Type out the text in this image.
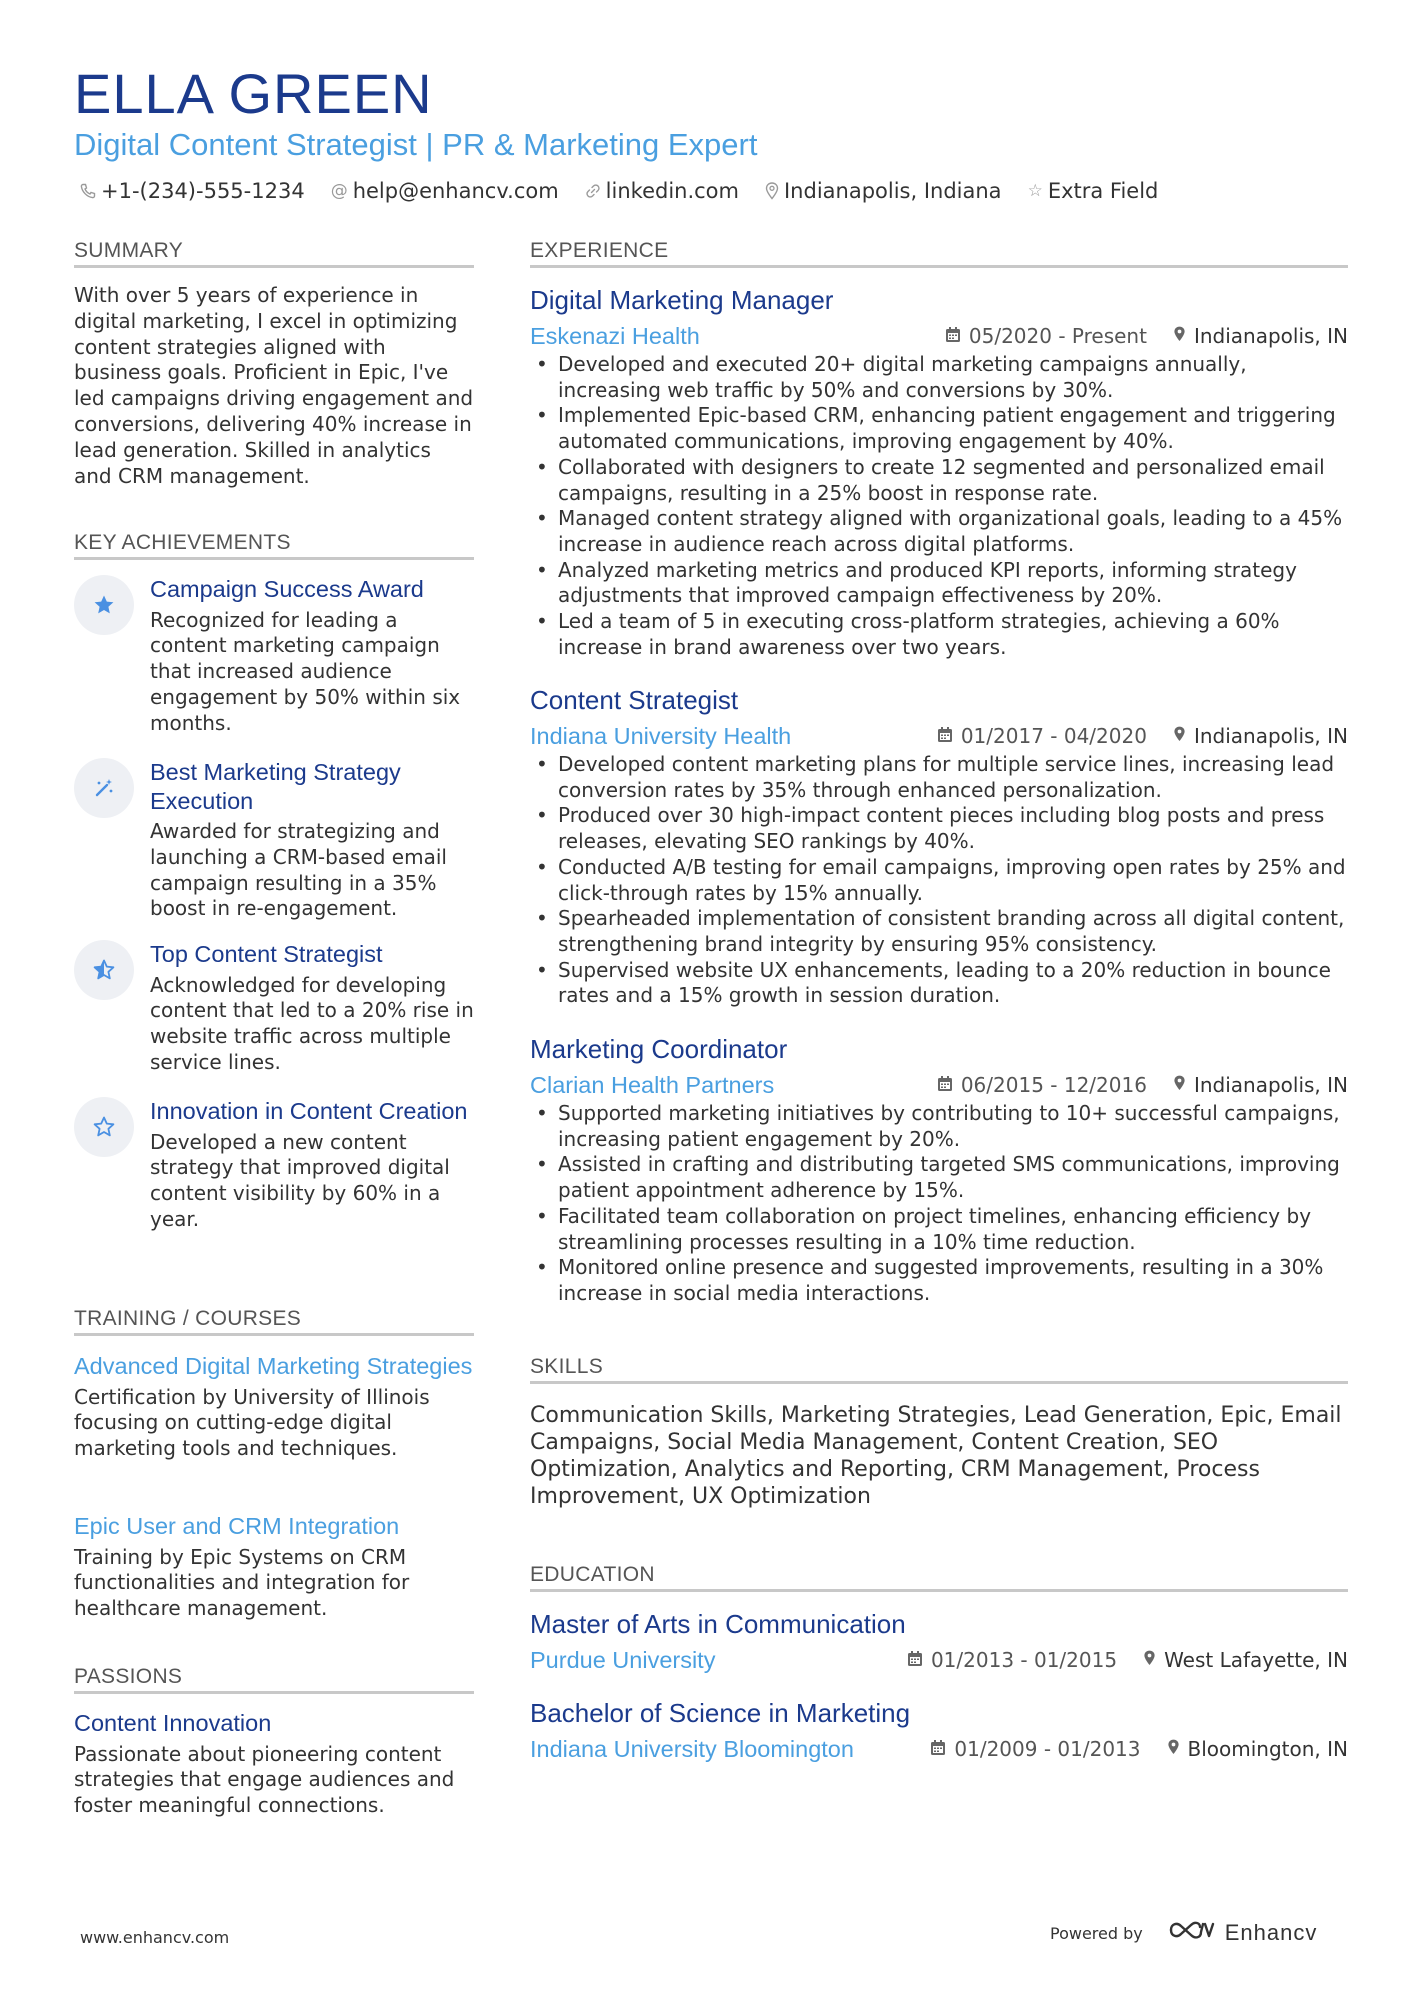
ELLA GREEN
Digital Content Strategist | PR & Marketing Expert
+1-(234)-555-1234 @ help@enhancv.com linkedin.com Indianapolis, Indiana ☆ Extra Field
SUMMARY
With over 5 years of experience in digital marketing, I excel in optimizing content strategies aligned with business goals. Proficient in Epic, I've led campaigns driving engagement and conversions, delivering 40% increase in lead generation. Skilled in analytics and CRM management.
KEY ACHIEVEMENTS
Campaign Success Award
Recognized for leading a content marketing campaign that increased audience engagement by 50% within six months.
Best Marketing Strategy Execution
Awarded for strategizing and launching a CRM-based email campaign resulting in a 35% boost in re-engagement.
Top Content Strategist
Acknowledged for developing content that led to a 20% rise in website traffic across multiple service lines.
Innovation in Content Creation
Developed a new content strategy that improved digital content visibility by 60% in a year.
TRAINING / COURSES
Advanced Digital Marketing Strategies
Certification by University of Illinois focusing on cutting-edge digital marketing tools and techniques.
Epic User and CRM Integration
Training by Epic Systems on CRM functionalities and integration for healthcare management.
PASSIONS
Content Innovation
Passionate about pioneering content strategies that engage audiences and foster meaningful connections.
EXPERIENCE
Digital Marketing Manager
Eskenazi Health	05/2020 - Present Indianapolis, IN
• Developed and executed 20+ digital marketing campaigns annually, increasing web traffic by 50% and conversions by 30%.
• Implemented Epic-based CRM, enhancing patient engagement and triggering automated communications, improving engagement by 40%.
• Collaborated with designers to create 12 segmented and personalized email campaigns, resulting in a 25% boost in response rate.
• Managed content strategy aligned with organizational goals, leading to a 45% increase in audience reach across digital platforms.
• Analyzed marketing metrics and produced KPI reports, informing strategy adjustments that improved campaign effectiveness by 20%.
• Led a team of 5 in executing cross-platform strategies, achieving a 60% increase in brand awareness over two years.
Content Strategist
Indiana University Health	01/2017 - 04/2020 Indianapolis, IN
• Developed content marketing plans for multiple service lines, increasing lead conversion rates by 35% through enhanced personalization.
• Produced over 30 high-impact content pieces including blog posts and press releases, elevating SEO rankings by 40%.
• Conducted A/B testing for email campaigns, improving open rates by 25% and click-through rates by 15% annually.
• Spearheaded implementation of consistent branding across all digital content, strengthening brand integrity by ensuring 95% consistency.
• Supervised website UX enhancements, leading to a 20% reduction in bounce rates and a 15% growth in session duration.
Marketing Coordinator
Clarian Health Partners	06/2015 - 12/2016 Indianapolis, IN
• Supported marketing initiatives by contributing to 10+ successful campaigns, increasing patient engagement by 20%.
• Assisted in crafting and distributing targeted SMS communications, improving patient appointment adherence by 15%.
• Facilitated team collaboration on project timelines, enhancing efficiency by streamlining processes resulting in a 10% time reduction.
• Monitored online presence and suggested improvements, resulting in a 30% increase in social media interactions.
SKILLS
Communication Skills, Marketing Strategies, Lead Generation, Epic, Email Campaigns, Social Media Management, Content Creation, SEO Optimization, Analytics and Reporting, CRM Management, Process Improvement, UX Optimization
EDUCATION
Master of Arts in Communication
Purdue University	01/2013 - 01/2015 West Lafayette, IN
Bachelor of Science in Marketing
Indiana University Bloomington	01/2009 - 01/2013 Bloomington, IN
www.enhancv.com	Powered by	Enhancv
